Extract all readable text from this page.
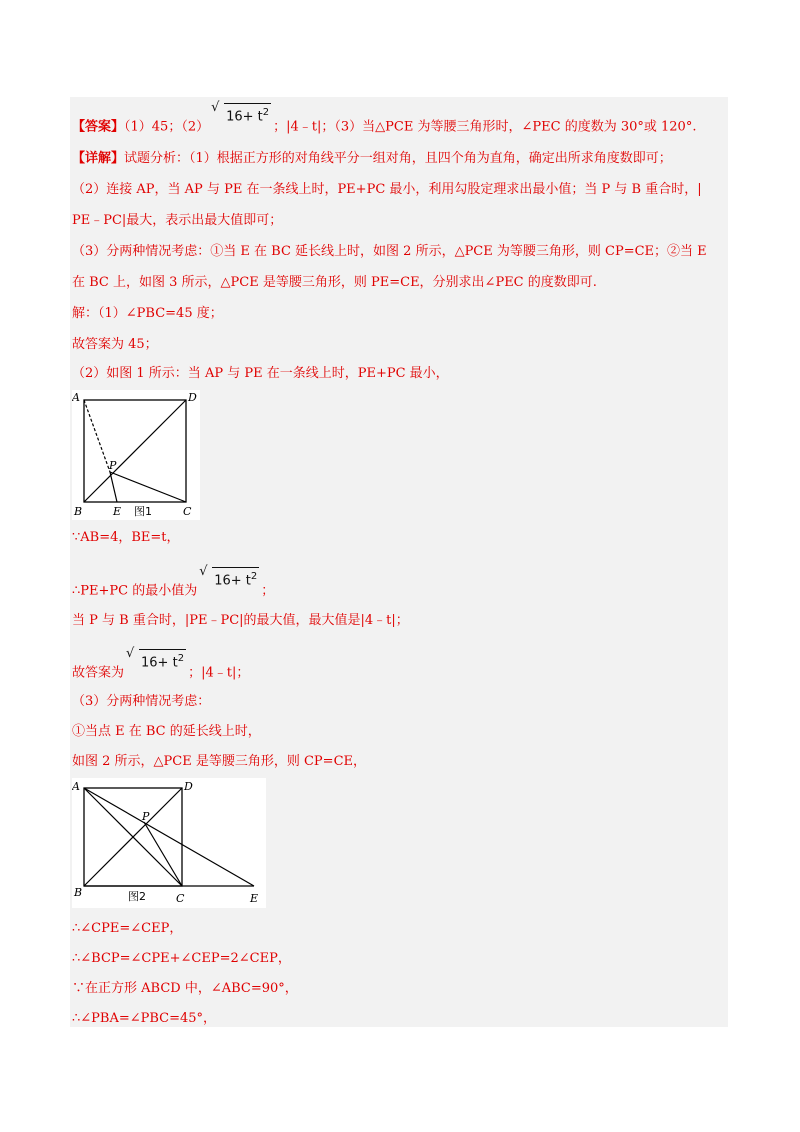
【答案】（1）45；（2）
√
$16+ t^2$；|4﹣t|；（3）当△PCE 为等腰三角形时，∠PEC 的度数为 30°或 120°.
【详解】试题分析：（1）根据正方形的对角线平分一组对角，且四个角为直角，确定出所求角度数即可；
（2）连接 AP，当 AP 与 PE 在一条线上时，PE+PC 最小，利用勾股定理求出最小值；当 P 与 B 重合时，|
PE﹣PC|最大，表示出最大值即可；
（3）分两种情况考虑：①当 E 在 BC 延长线上时，如图 2 所示，△PCE 为等腰三角形，则 CP=CE；②当 E
在 BC 上，如图 3 所示，△PCE 是等腰三角形，则 PE=CE，分别求出∠PEC 的度数即可.
解：（1）∠PBC=45 度；
故答案为 45；
（2）如图 1 所示：当 AP 与 PE 在一条线上时，PE+PC 最小，
A	D
P
B	E	C
图1
∵AB=4，BE=t，
∴PE+PC 的最小值为
√
$16+ t^2$；
当 P 与 B 重合时，|PE﹣PC|的最大值，最大值是|4﹣t|；
故答案为
√
$16+ t^2$；|4﹣t|；
（3）分两种情况考虑：
①当点 E 在 BC 的延长线上时，
如图 2 所示，△PCE 是等腰三角形，则 CP=CE，
A	D
P
B	C	E
图2
∴∠CPE=∠CEP，
∴∠BCP=∠CPE+∠CEP=2∠CEP，
∵在正方形 ABCD 中，∠ABC=90°，
∴∠PBA=∠PBC=45°，
